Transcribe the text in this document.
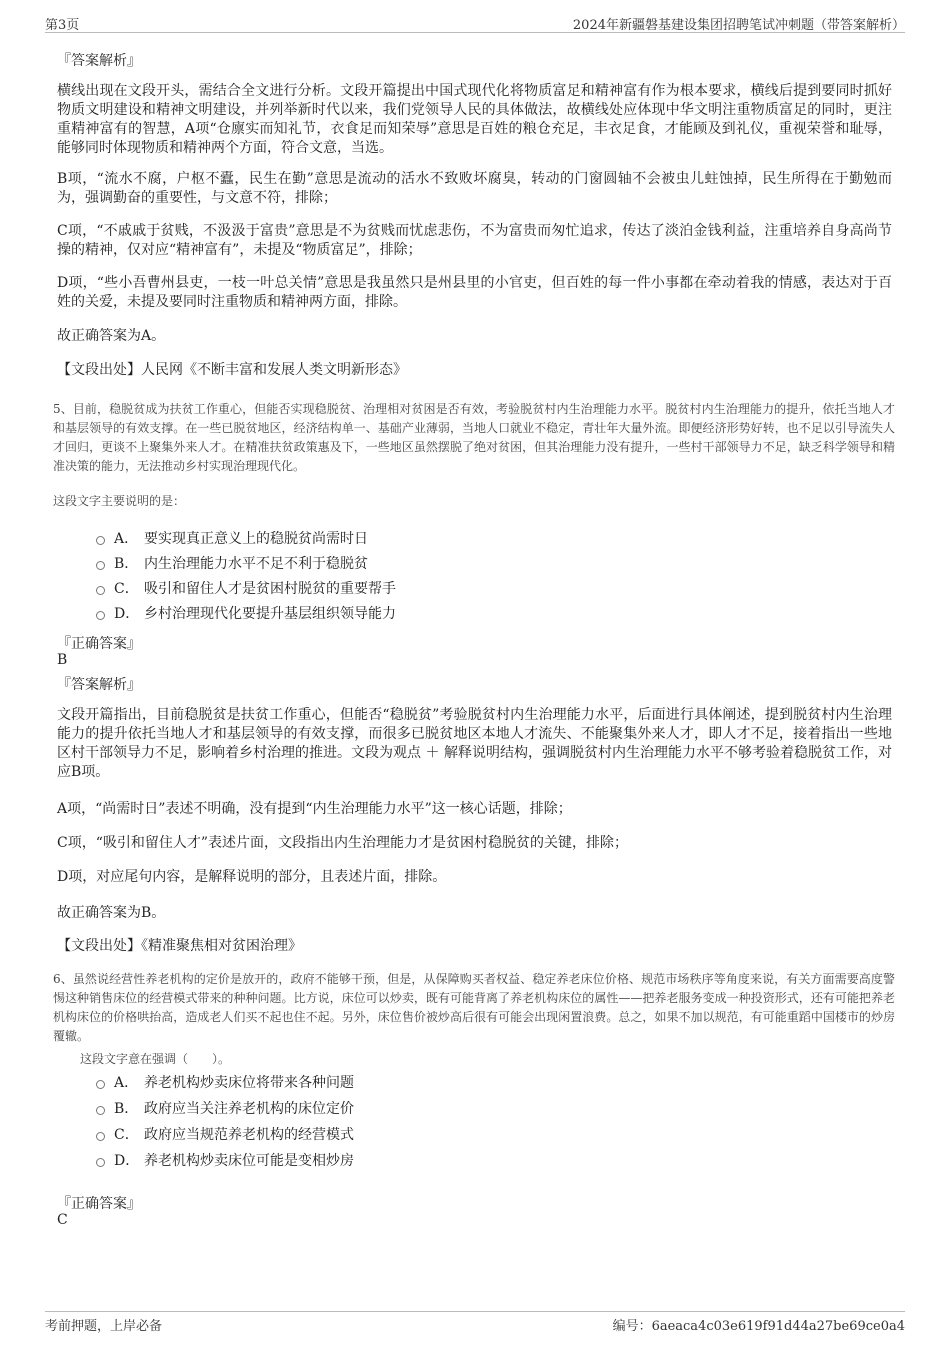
第3页	2024年新疆磐基建设集团招聘笔试冲刺题（带答案解析）
『答案解析』

横线出现在文段开头，需结合全文进行分析。文段开篇提出中国式现代化将物质富足和精神富有作为根本要求，横线后提到要同时抓好物质文明建设和精神文明建设，并列举新时代以来，我们党领导人民的具体做法，故横线处应体现中华文明注重物质富足的同时，更注重精神富有的智慧，A项“仓廪实而知礼节，衣食足而知荣辱”意思是百姓的粮仓充足，丰衣足食，才能顾及到礼仪，重视荣誉和耻辱，能够同时体现物质和精神两个方面，符合文意，当选。

B项，“流水不腐，户枢不蠹，民生在勤”意思是流动的活水不致败坏腐臭，转动的门窗圆轴不会被虫儿蛀蚀掉，民生所得在于勤勉而为，强调勤奋的重要性，与文意不符，排除；

C项，“不戚戚于贫贱，不汲汲于富贵”意思是不为贫贱而忧虑悲伤，不为富贵而匆忙追求，传达了淡泊金钱利益，注重培养自身高尚节操的精神，仅对应“精神富有”，未提及“物质富足”，排除；

D项，“些小吾曹州县吏，一枝一叶总关情”意思是我虽然只是州县里的小官吏，但百姓的每一件小事都在牵动着我的情感，表达对于百姓的关爱，未提及要同时注重物质和精神两方面，排除。

故正确答案为A。
【文段出处】人民网《不断丰富和发展人类文明新形态》

5、目前，稳脱贫成为扶贫工作重心，但能否实现稳脱贫、治理相对贫困是否有效，考验脱贫村内生治理能力水平。脱贫村内生治理能力的提升，依托当地人才和基层领导的有效支撑。在一些已脱贫地区，经济结构单一、基础产业薄弱，当地人口就业不稳定，青壮年大量外流。即便经济形势好转，也不足以引导流失人才回归，更谈不上聚集外来人才。在精准扶贫政策惠及下，一些地区虽然摆脱了绝对贫困，但其治理能力没有提升，一些村干部领导力不足，缺乏科学领导和精准决策的能力，无法推动乡村实现治理现代化。

这段文字主要说明的是：
A． 要实现真正意义上的稳脱贫尚需时日
B． 内生治理能力水平不足不利于稳脱贫
C． 吸引和留住人才是贫困村脱贫的重要帮手
D． 乡村治理现代化要提升基层组织领导能力
『正确答案』
B
『答案解析』

文段开篇指出，目前稳脱贫是扶贫工作重心，但能否“稳脱贫”考验脱贫村内生治理能力水平，后面进行具体阐述，提到脱贫村内生治理能力的提升依托当地人才和基层领导的有效支撑，而很多已脱贫地区本地人才流失、不能聚集外来人才，即人才不足，接着指出一些地区村干部领导力不足，影响着乡村治理的推进。文段为观点 ＋ 解释说明结构，强调脱贫村内生治理能力水平不够考验着稳脱贫工作，对应B项。

A项，“尚需时日”表述不明确，没有提到“内生治理能力水平”这一核心话题，排除；

C项，“吸引和留住人才”表述片面，文段指出内生治理能力才是贫困村稳脱贫的关键，排除；

D项，对应尾句内容，是解释说明的部分，且表述片面，排除。

故正确答案为B。
【文段出处】《精准聚焦相对贫困治理》

6、虽然说经营性养老机构的定价是放开的，政府不能够干预，但是，从保障购买者权益、稳定养老床位价格、规范市场秩序等角度来说，有关方面需要高度警惕这种销售床位的经营模式带来的种种问题。比方说，床位可以炒卖，既有可能背离了养老机构床位的属性——把养老服务变成一种投资形式，还有可能把养老机构床位的价格哄抬高，造成老人们买不起也住不起。另外，床位售价被炒高后很有可能会出现闲置浪费。总之，如果不加以规范，有可能重蹈中国楼市的炒房覆辙。

这段文字意在强调（　　）。
A． 养老机构炒卖床位将带来各种问题
B． 政府应当关注养老机构的床位定价
C． 政府应当规范养老机构的经营模式
D． 养老机构炒卖床位可能是变相炒房
『正确答案』
C
考前押题，上岸必备	编号：6aeaca4c03e619f91d44a27be69ce0a4
